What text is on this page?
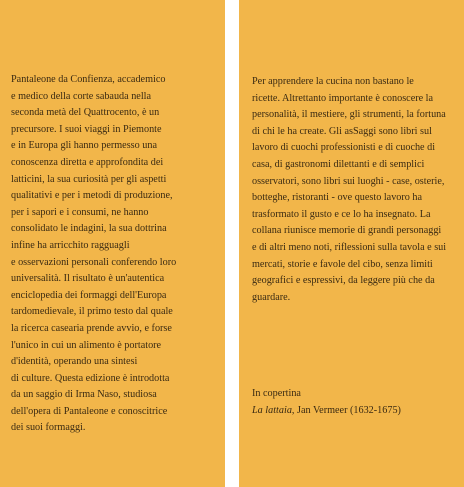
Pantaleone da Confienza, accademico
e medico della corte sabauda nella
seconda metà del Quattrocento, è un
precursore. I suoi viaggi in Piemonte
e in Europa gli hanno permesso una
conoscenza diretta e approfondita dei
latticini, la sua curiosità per gli aspetti
qualitativi e per i metodi di produzione,
per i sapori e i consumi, ne hanno
consolidato le indagini, la sua dottrina
infine ha arricchito ragguagli
e osservazioni personali conferendo loro
universalità. Il risultato è un'autentica
enciclopedia dei formaggi dell'Europa
tardomedievale, il primo testo dal quale
la ricerca casearia prende avvio, e forse
l'unico in cui un alimento è portatore
d'identità, operando una sintesi
di culture. Questa edizione è introdotta
da un saggio di Irma Naso, studiosa
dell'opera di Pantaleone e conoscitrice
dei suoi formaggi.
Per apprendere la cucina non bastano le
ricette. Altrettanto importante è conoscere la
personalità, il mestiere, gli strumenti, la fortuna
di chi le ha create. Gli asSaggi sono libri sul
lavoro di cuochi professionisti e di cuoche di
casa, di gastronomi dilettanti e di semplici
osservatori, sono libri sui luoghi - case, osterie,
botteghe, ristoranti - ove questo lavoro ha
trasformato il gusto e ce lo ha insegnato. La
collana riunisce memorie di grandi personaggi
e di altri meno noti, riflessioni sulla tavola e sui
mercati, storie e favole del cibo, senza limiti
geografici e espressivi, da leggere più che da
guardare.
In copertina
La lattaia, Jan Vermeer (1632-1675)
